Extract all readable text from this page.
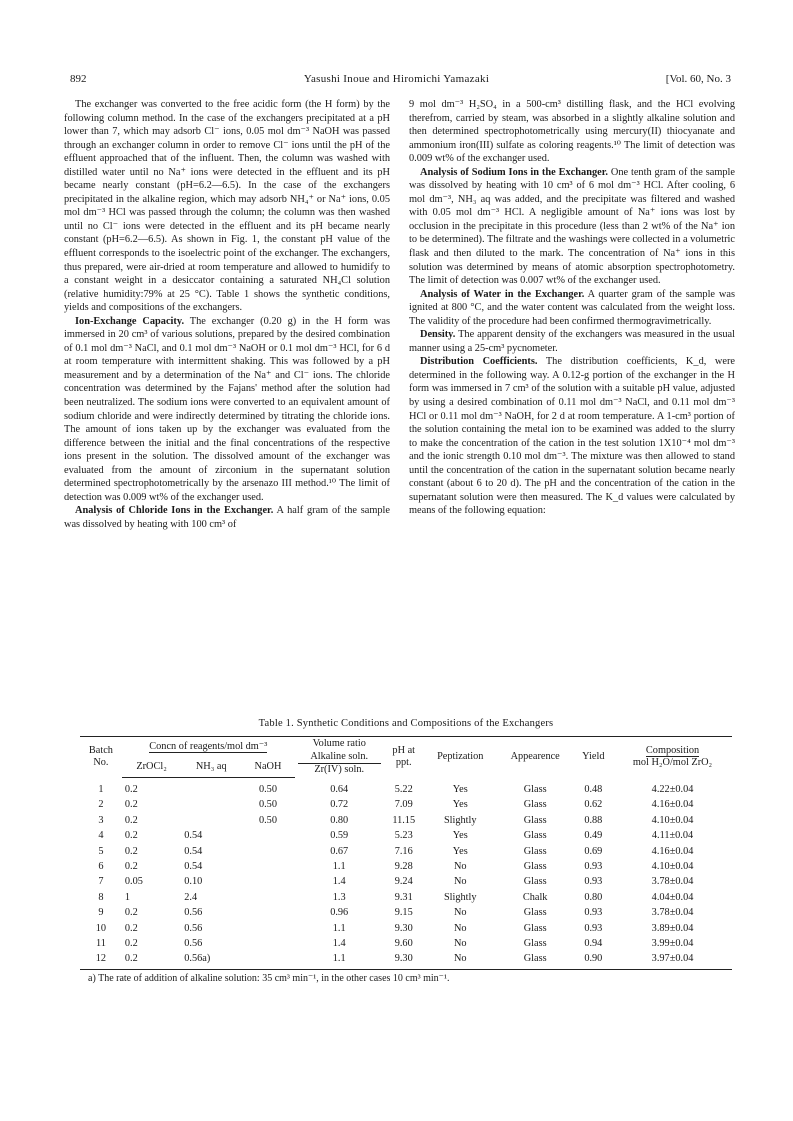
892	Yasushi Inoue and Hiromichi Yamazaki	[Vol. 60, No. 3

The exchanger was converted to the free acidic form (the H form) by the following column method. In the case of the exchangers precipitated at a pH lower than 7, which may adsorb Cl⁻ ions, 0.05 mol dm⁻³ NaOH was passed through an exchanger column in order to remove Cl⁻ ions until the pH of the effluent approached that of the influent. Then, the column was washed with distilled water until no Na⁺ ions were detected in the effluent and its pH became nearly constant (pH=6.2—6.5). In the case of the exchangers precipitated in the alkaline region, which may adsorb NH₄⁺ or Na⁺ ions, 0.05 mol dm⁻³ HCl was passed through the column; the column was then washed until no Cl⁻ ions were detected in the effluent and its pH became nearly constant (pH=6.2—6.5). As shown in Fig. 1, the constant pH value of the effluent corresponds to the isoelectric point of the exchanger. The exchangers, thus prepared, were air-dried at room temperature and allowed to humidify to a constant weight in a desiccator containing a saturated NH₄Cl solution (relative humidity:79% at 25 °C). Table 1 shows the synthetic conditions, yields and compositions of the exchangers.

Ion-Exchange Capacity. The exchanger (0.20 g) in the H form was immersed in 20 cm³ of various solutions, prepared by the desired combination of 0.1 mol dm⁻³ NaCl, and 0.1 mol dm⁻³ NaOH or 0.1 mol dm⁻³ HCl, for 6 d at room temperature with intermittent shaking. This was followed by a pH measurement and by a determination of the Na⁺ and Cl⁻ ions. The chloride concentration was determined by the Fajans' method after the solution had been neutralized. The sodium ions were converted to an equivalent amount of sodium chloride and were indirectly determined by titrating the chloride ions. The amount of ions taken up by the exchanger was evaluated from the difference between the initial and the final concentrations of the respective ions present in the solution. The dissolved amount of the exchanger was evaluated from the amount of zirconium in the supernatant solution determined spectrophotometrically by the arsenazo III method.¹⁰ The limit of detection was 0.009 wt% of the exchanger used.

Analysis of Chloride Ions in the Exchanger. A half gram of the sample was dissolved by heating with 100 cm³ of

9 mol dm⁻³ H₂SO₄ in a 500-cm³ distilling flask, and the HCl evolving therefrom, carried by steam, was absorbed in a slightly alkaline solution and then determined spectrophotometrically using mercury(II) thiocyanate and ammonium iron(III) sulfate as coloring reagents.¹⁰ The limit of detection was 0.009 wt% of the exchanger used.

Analysis of Sodium Ions in the Exchanger. One tenth gram of the sample was dissolved by heating with 10 cm³ of 6 mol dm⁻³ HCl. After cooling, 6 mol dm⁻³, NH₃ aq was added, and the precipitate was filtered and washed with 0.05 mol dm⁻³ HCl. A negligible amount of Na⁺ ions was lost by occlusion in the precipitate in this procedure (less than 2 wt% of the Na⁺ ion to be determined). The filtrate and the washings were collected in a volumetric flask and then diluted to the mark. The concentration of Na⁺ ions in this solution was determined by means of atomic absorption spectrophotometry. The limit of detection was 0.007 wt% of the exchanger used.

Analysis of Water in the Exchanger. A quarter gram of the sample was ignited at 800 °C, and the water content was calculated from the weight loss. The validity of the procedure had been confirmed thermogravimetrically.

Density. The apparent density of the exchangers was measured in the usual manner using a 25-cm³ pycnometer.

Distribution Coefficients. The distribution coefficients, K_d, were determined in the following way. A 0.12-g portion of the exchanger in the H form was immersed in 7 cm³ of the solution with a suitable pH value, adjusted by using a desired combination of 0.11 mol dm⁻³ NaCl, and 0.11 mol dm⁻³ HCl or 0.11 mol dm⁻³ NaOH, for 2 d at room temperature. A 1-cm³ portion of the solution containing the metal ion to be examined was added to the slurry to make the concentration of the cation in the test solution 1X10⁻⁴ mol dm⁻³ and the ionic strength 0.10 mol dm⁻³. The mixture was then allowed to stand until the concentration of the cation in the supernatant solution became nearly constant (about 6 to 20 d). The pH and the concentration of the cation in the supernatant solution were then measured. The K_d values were calculated by means of the following equation:

Table 1. Synthetic Conditions and Compositions of the Exchangers
Batch
No.	Concn of reagents/mol dm⁻³			Volume ratio
Alkaline soln.
Zr(IV) soln.	pH at
ppt.	Peptization	Appearence	Yield	Composition
mol H₂O/mol ZrO₂
	ZrOCl₂	NH₃ aq	NaOH						
1	0.2		0.50	0.64	5.22	Yes	Glass	0.48	4.22±0.04
2	0.2		0.50	0.72	7.09	Yes	Glass	0.62	4.16±0.04
3	0.2		0.50	0.80	11.15	Slightly	Glass	0.88	4.10±0.04
4	0.2	0.54		0.59	5.23	Yes	Glass	0.49	4.11±0.04
5	0.2	0.54		0.67	7.16	Yes	Glass	0.69	4.16±0.04
6	0.2	0.54		1.1	9.28	No	Glass	0.93	4.10±0.04
7	0.05	0.10		1.4	9.24	No	Glass	0.93	3.78±0.04
8	1	2.4		1.3	9.31	Slightly	Chalk	0.80	4.04±0.04
9	0.2	0.56		0.96	9.15	No	Glass	0.93	3.78±0.04
10	0.2	0.56		1.1	9.30	No	Glass	0.93	3.89±0.04
11	0.2	0.56		1.4	9.60	No	Glass	0.94	3.99±0.04
12	0.2	0.56a)		1.1	9.30	No	Glass	0.90	3.97±0.04
a) The rate of addition of alkaline solution: 35 cm³ min⁻¹, in the other cases 10 cm³ min⁻¹.
